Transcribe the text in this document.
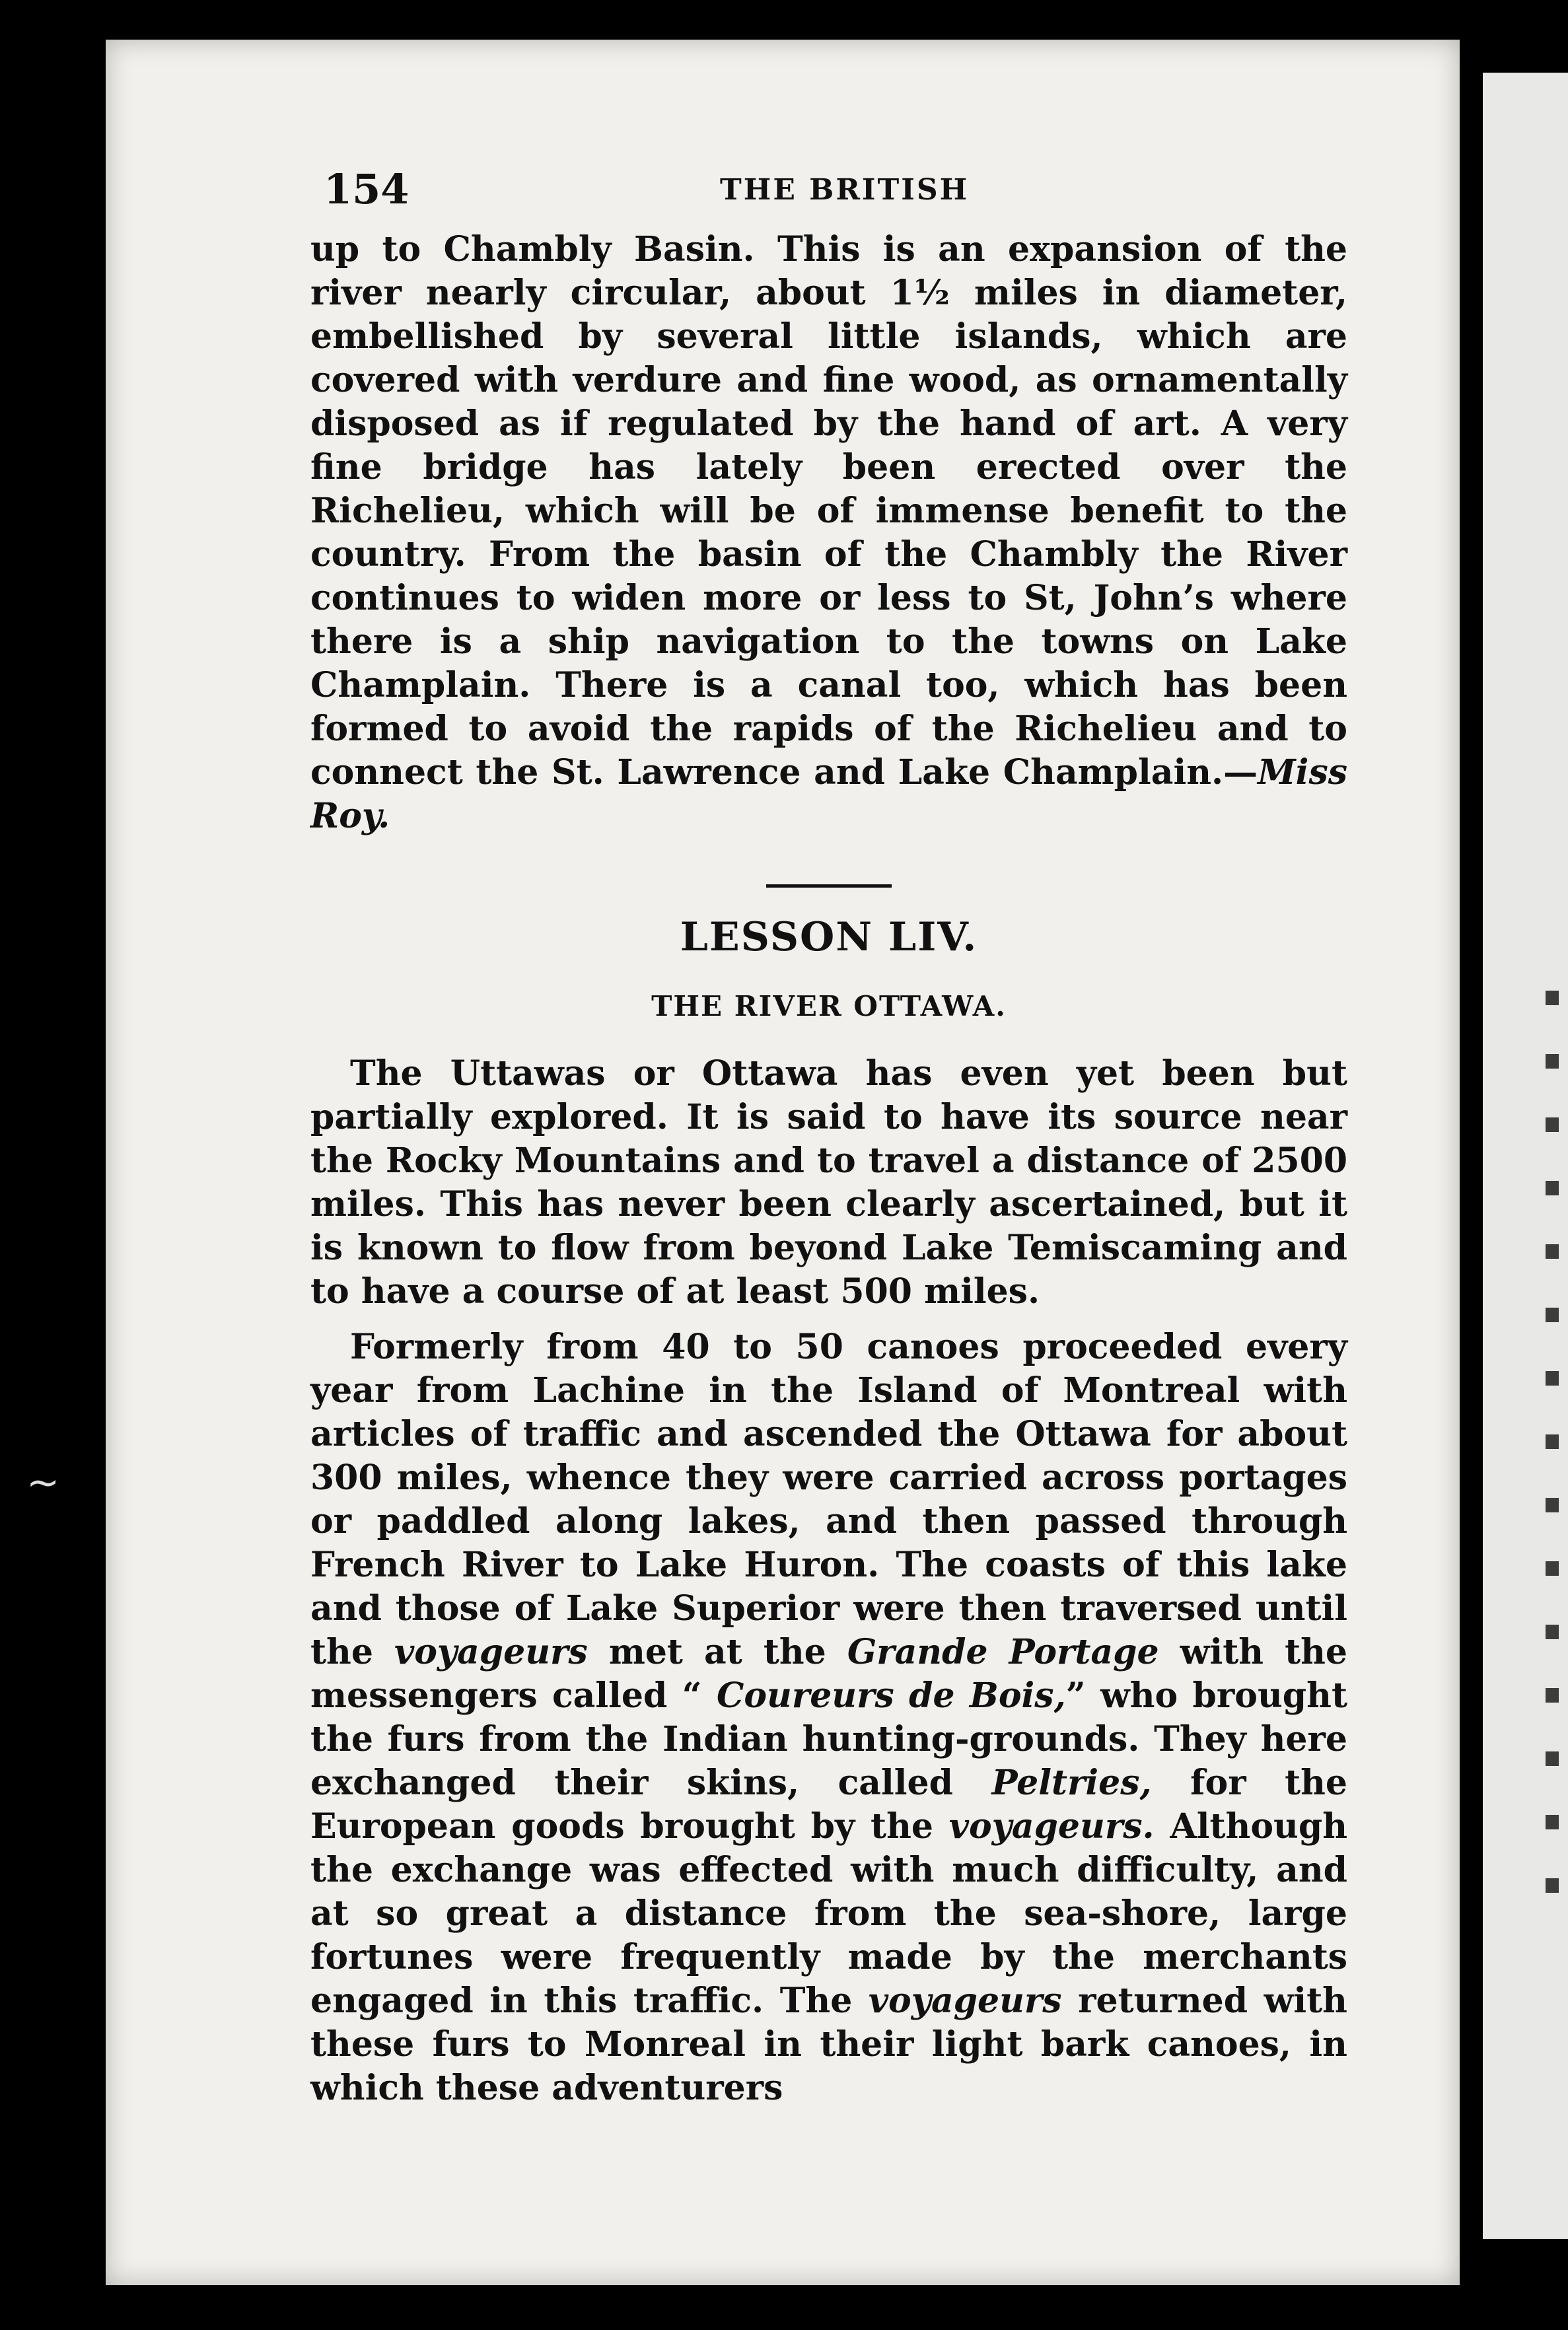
~
154	THE BRITISH

up to Chambly Basin. This is an expansion of the river nearly circular, about 1½ miles in diameter, embellished by several little islands, which are covered with verdure and fine wood, as ornamentally disposed as if regulated by the hand of art. A very fine bridge has lately been erected over the Richelieu, which will be of immense benefit to the country. From the basin of the Chambly the River continues to widen more or less to St, John’s where there is a ship navigation to the towns on Lake Champlain. There is a canal too, which has been formed to avoid the rapids of the Richelieu and to connect the St. Lawrence and Lake Champlain.—Miss Roy.

LESSON LIV.
THE RIVER OTTAWA.

The Uttawas or Ottawa has even yet been but partially explored. It is said to have its source near the Rocky Mountains and to travel a distance of 2500 miles. This has never been clearly ascertained, but it is known to flow from beyond Lake Temiscaming and to have a course of at least 500 miles.

Formerly from 40 to 50 canoes proceeded every year from Lachine in the Island of Montreal with articles of traffic and ascended the Ottawa for about 300 miles, whence they were carried across portages or paddled along lakes, and then passed through French River to Lake Huron. The coasts of this lake and those of Lake Superior were then traversed until the voyageurs met at the Grande Portage with the messengers called “ Coureurs de Bois,” who brought the furs from the Indian hunting-grounds. They here exchanged their skins, called Peltries, for the European goods brought by the voyageurs. Although the exchange was effected with much difficulty, and at so great a distance from the sea-shore, large fortunes were frequently made by the merchants engaged in this traffic. The voyageurs returned with these furs to Monreal in their light bark canoes, in which these adventurers
